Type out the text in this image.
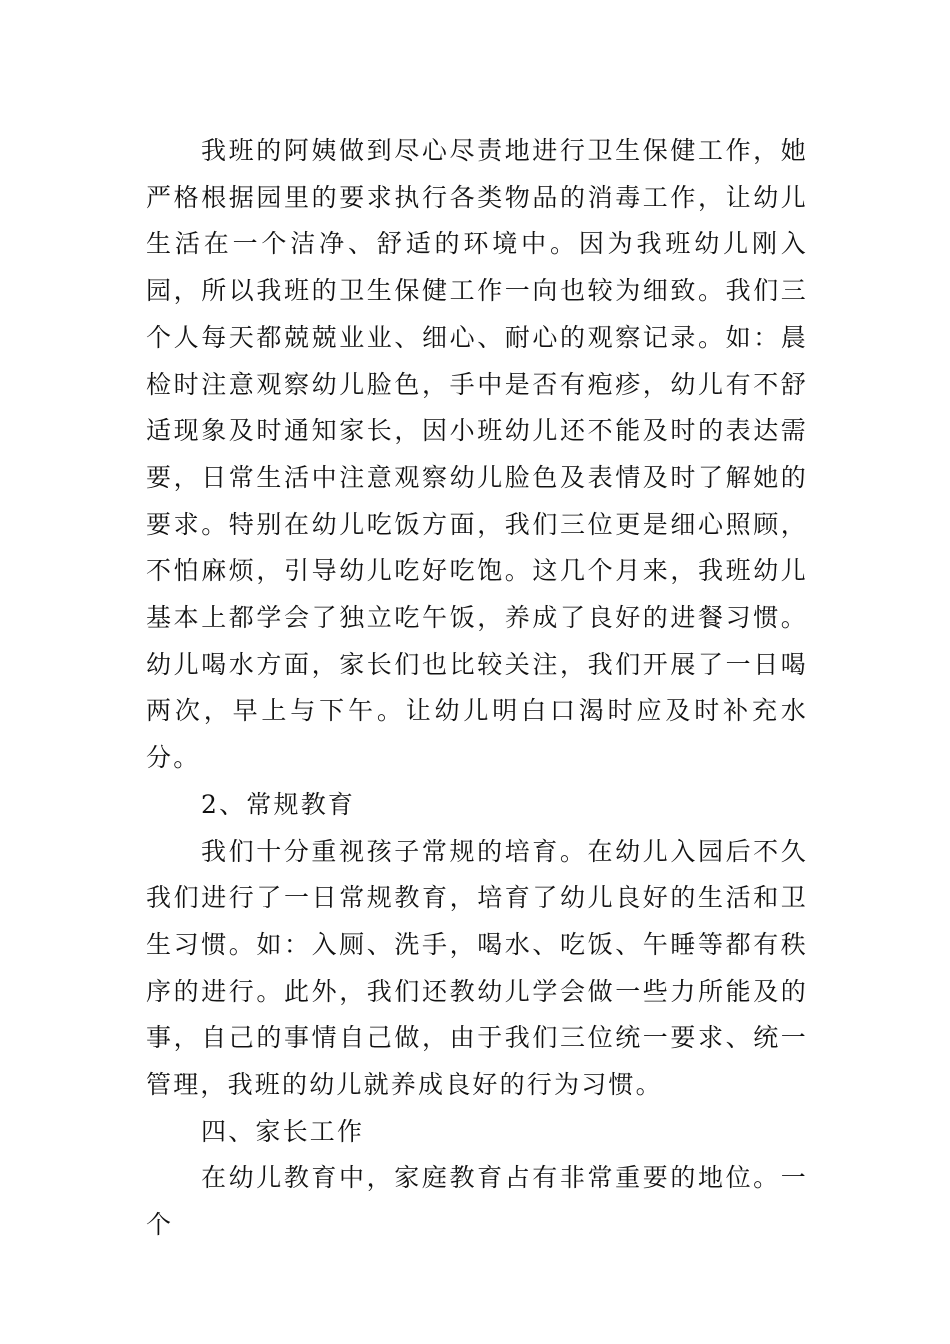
我班的阿姨做到尽心尽责地进行卫生保健工作，她严格根据园里的要求执行各类物品的消毒工作，让幼儿生活在一个洁净、舒适的环境中。因为我班幼儿刚入园，所以我班的卫生保健工作一向也较为细致。我们三个人每天都兢兢业业、细心、耐心的观察记录。如：晨检时注意观察幼儿脸色，手中是否有疱疹，幼儿有不舒适现象及时通知家长，因小班幼儿还不能及时的表达需要，日常生活中注意观察幼儿脸色及表情及时了解她的要求。特别在幼儿吃饭方面，我们三位更是细心照顾，不怕麻烦，引导幼儿吃好吃饱。这几个月来，我班幼儿基本上都学会了独立吃午饭，养成了良好的进餐习惯。幼儿喝水方面，家长们也比较关注，我们开展了一日喝两次，早上与下午。让幼儿明白口渴时应及时补充水分。

2、常规教育

我们十分重视孩子常规的培育。在幼儿入园后不久我们进行了一日常规教育，培育了幼儿良好的生活和卫生习惯。如：入厕、洗手，喝水、吃饭、午睡等都有秩序的进行。此外，我们还教幼儿学会做一些力所能及的事，自己的事情自己做，由于我们三位统一要求、统一管理，我班的幼儿就养成良好的行为习惯。

四、家长工作

在幼儿教育中，家庭教育占有非常重要的地位。一个
